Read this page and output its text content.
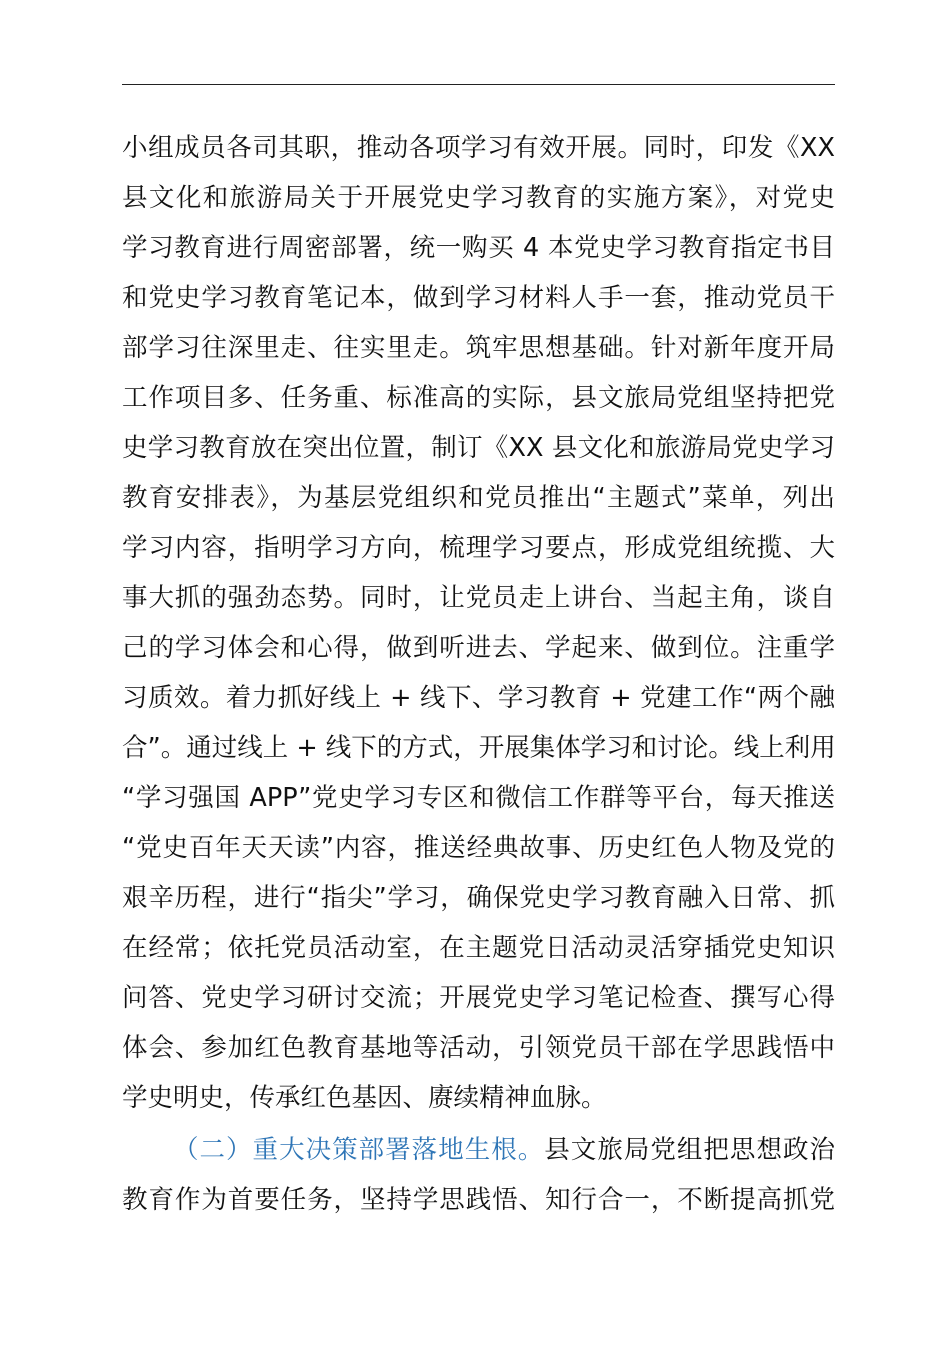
小组成员各司其职，推动各项学习有效开展。同时，印发《XX
县文化和旅游局关于开展党史学习教育的实施方案》，对党史
学习教育进行周密部署，统一购买 4 本党史学习教育指定书目
和党史学习教育笔记本，做到学习材料人手一套，推动党员干
部学习往深里走、往实里走。筑牢思想基础。针对新年度开局
工作项目多、任务重、标准高的实际，县文旅局党组坚持把党
史学习教育放在突出位置，制订《XX 县文化和旅游局党史学习
教育安排表》，为基层党组织和党员推出“主题式”菜单，列出
学习内容，指明学习方向，梳理学习要点，形成党组统揽、大
事大抓的强劲态势。同时，让党员走上讲台、当起主角，谈自
己的学习体会和心得，做到听进去、学起来、做到位。注重学
习质效。着力抓好线上 + 线下、学习教育 + 党建工作“两个融
合”。通过线上 + 线下的方式，开展集体学习和讨论。线上利用
“学习强国 APP”党史学习专区和微信工作群等平台，每天推送
“党史百年天天读”内容，推送经典故事、历史红色人物及党的
艰辛历程，进行“指尖”学习，确保党史学习教育融入日常、抓
在经常；依托党员活动室，在主题党日活动灵活穿插党史知识
问答、党史学习研讨交流；开展党史学习笔记检查、撰写心得
体会、参加红色教育基地等活动，引领党员干部在学思践悟中
学史明史，传承红色基因、赓续精神血脉。
（二）重大决策部署落地生根。县文旅局党组把思想政治
教育作为首要任务，坚持学思践悟、知行合一，不断提高抓党
